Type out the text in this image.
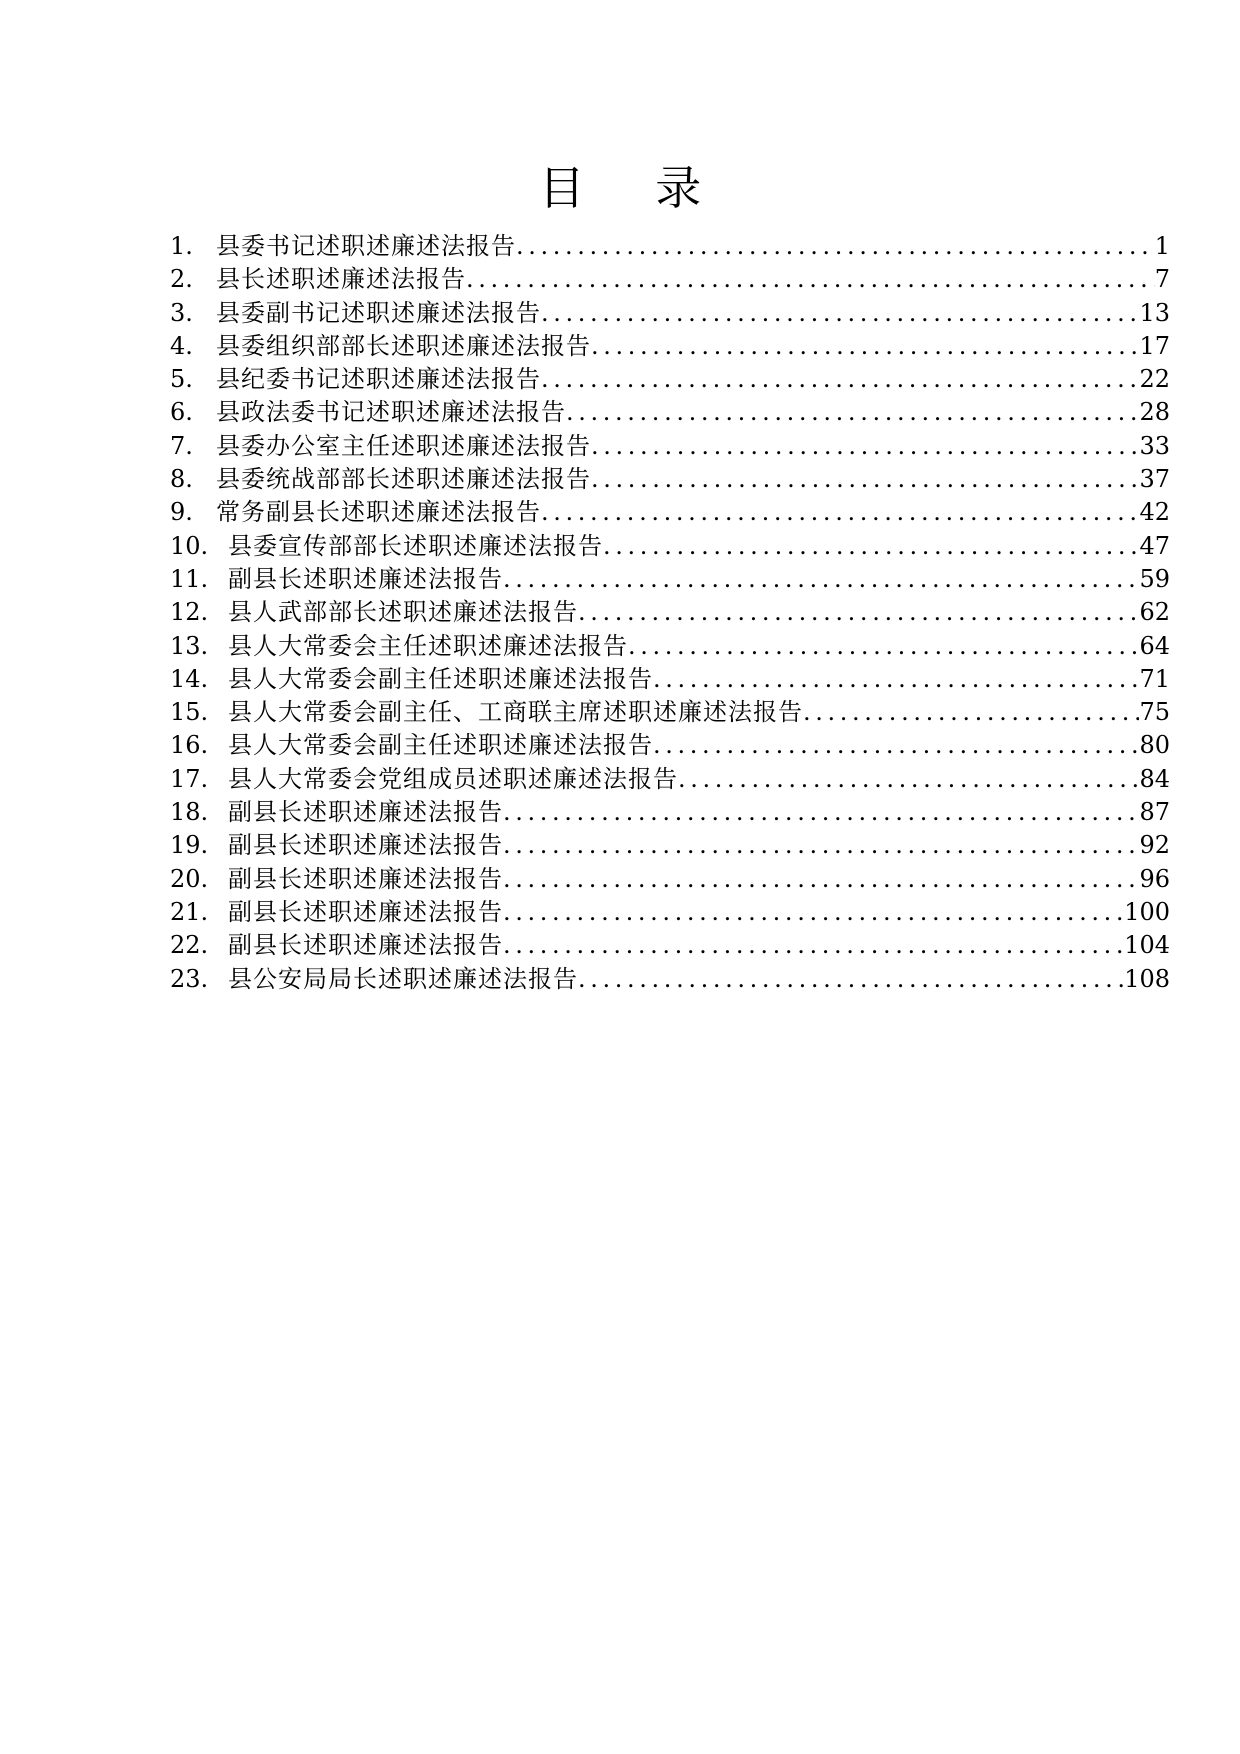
目 录
1. 县委书记述职述廉述法报告 . . .	1
2. 县长述职述廉述法报告 . . .	7
3. 县委副书记述职述廉述法报告 . . .	13
4. 县委组织部部长述职述廉述法报告 . . .	17
5. 县纪委书记述职述廉述法报告 . . .	22
6. 县政法委书记述职述廉述法报告 . . .	28
7. 县委办公室主任述职述廉述法报告 . . .	33
8. 县委统战部部长述职述廉述法报告 . . .	37
9. 常务副县长述职述廉述法报告 . . .	42
10. 县委宣传部部长述职述廉述法报告 . . .	47
11. 副县长述职述廉述法报告 . . .	59
12. 县人武部部长述职述廉述法报告 . . .	62
13. 县人大常委会主任述职述廉述法报告 . . .	64
14. 县人大常委会副主任述职述廉述法报告 . . .	71
15. 县人大常委会副主任、工商联主席述职述廉述法报告 . . .	75
16. 县人大常委会副主任述职述廉述法报告 . . .	80
17. 县人大常委会党组成员述职述廉述法报告 . . .	84
18. 副县长述职述廉述法报告 . . .	87
19. 副县长述职述廉述法报告 . . .	92
20. 副县长述职述廉述法报告 . . .	96
21. 副县长述职述廉述法报告 . . .	100
22. 副县长述职述廉述法报告 . . .	104
23. 县公安局局长述职述廉述法报告 . . .	108
